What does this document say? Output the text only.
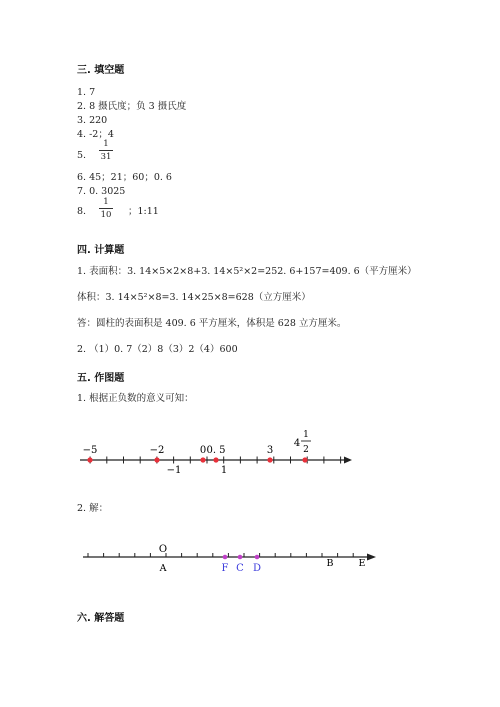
三. 填空题
1. 7
2. 8 摄氏度；负 3 摄氏度
3. 220
4. -2；4
5.
1
31
6. 45；21；60；0. 6
7. 0. 3025
8.
1
10 ；1:11
四. 计算题
1. 表面积：3. 14×5×2×8+3. 14×5²×2=252. 6+157=409. 6（平方厘米）
体积：3. 14×5²×8=3. 14×25×8=628（立方厘米）
答：圆柱的表面积是 409. 6 平方厘米，体积是 628 立方厘米。
2. （1）0. 7（2）8（3）2（4）600
五. 作图题
1. 根据正负数的意义可知：
−5	−2	0 0. 5	3
−1	1
4
1
2
O
A	B	E
F C D
2. 解：
六. 解答题
